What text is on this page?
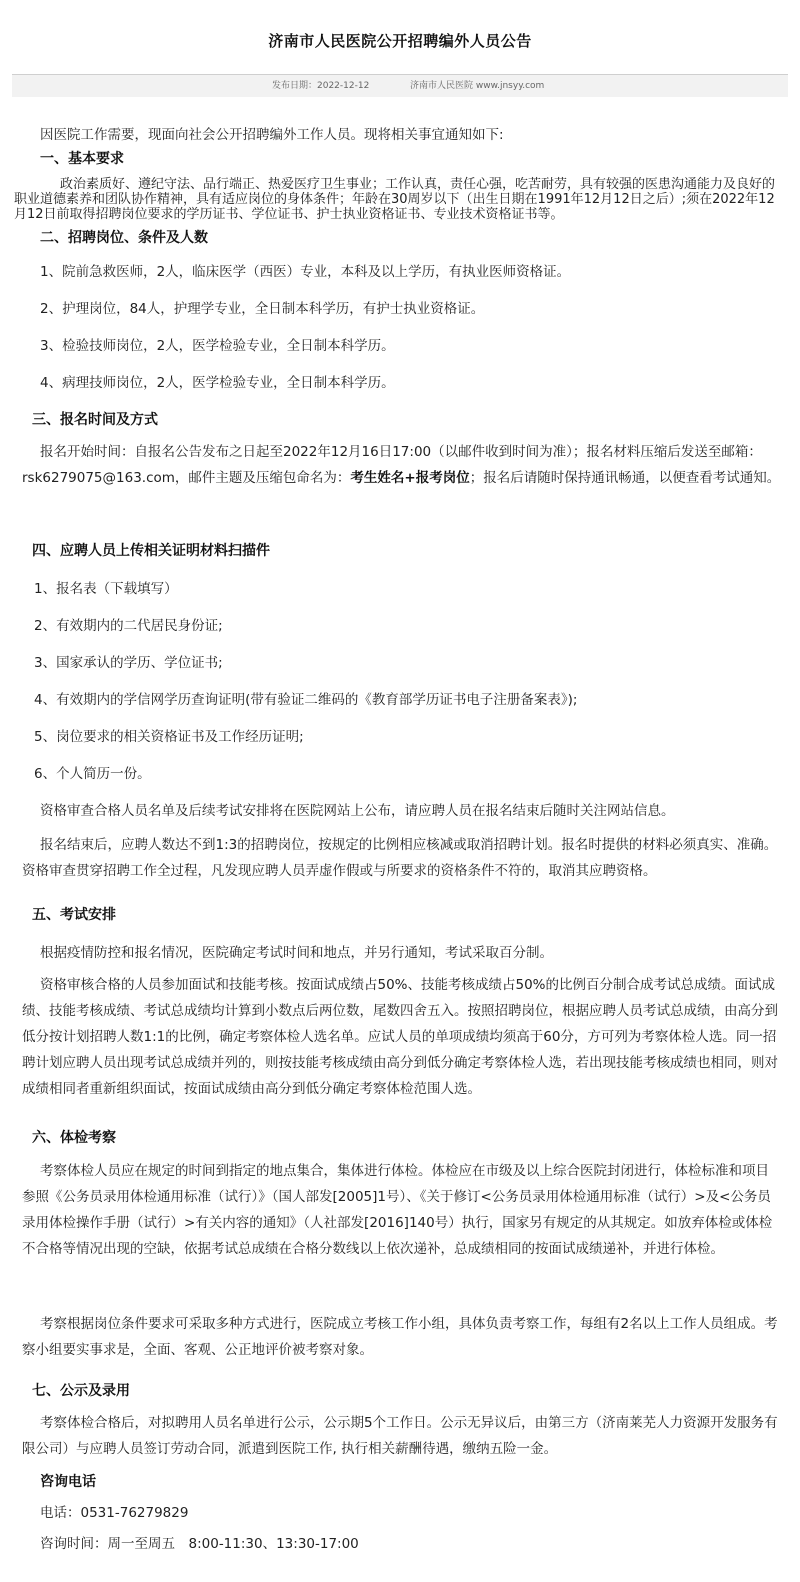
济南市人民医院公开招聘编外人员公告
发布日期：2022-12-12	济南市人民医院 www.jnsyy.com
因医院工作需要，现面向社会公开招聘编外工作人员。现将相关事宜通知如下:
一、基本要求
政治素质好、遵纪守法、品行端正、热爱医疗卫生事业；工作认真，责任心强，吃苦耐劳，具有较强的医患沟通能力及良好的职业道德素养和团队协作精神，具有适应岗位的身体条件；年龄在30周岁以下（出生日期在1991年12月12日之后）;须在2022年12月12日前取得招聘岗位要求的学历证书、学位证书、护士执业资格证书、专业技术资格证书等。
二、招聘岗位、条件及人数
1、院前急救医师，2人，临床医学（西医）专业，本科及以上学历，有执业医师资格证。
2、护理岗位，84人，护理学专业，全日制本科学历，有护士执业资格证。
3、检验技师岗位，2人，医学检验专业，全日制本科学历。
4、病理技师岗位，2人，医学检验专业，全日制本科学历。
三、报名时间及方式
报名开始时间：自报名公告发布之日起至2022年12月16日17:00（以邮件收到时间为准）；报名材料压缩后发送至邮箱：rsk6279075@163.com，邮件主题及压缩包命名为：考生姓名+报考岗位；报名后请随时保持通讯畅通，以便查看考试通知。
四、应聘人员上传相关证明材料扫描件
1、报名表（下载填写）
2、有效期内的二代居民身份证;
3、国家承认的学历、学位证书;
4、有效期内的学信网学历查询证明(带有验证二维码的《教育部学历证书电子注册备案表》);
5、岗位要求的相关资格证书及工作经历证明;
6、个人简历一份。
资格审查合格人员名单及后续考试安排将在医院网站上公布，请应聘人员在报名结束后随时关注网站信息。
报名结束后，应聘人数达不到1:3的招聘岗位，按规定的比例相应核减或取消招聘计划。报名时提供的材料必须真实、准确。资格审查贯穿招聘工作全过程，凡发现应聘人员弄虚作假或与所要求的资格条件不符的，取消其应聘资格。
五、考试安排
根据疫情防控和报名情况，医院确定考试时间和地点，并另行通知，考试采取百分制。
资格审核合格的人员参加面试和技能考核。按面试成绩占50%、技能考核成绩占50%的比例百分制合成考试总成绩。面试成绩、技能考核成绩、考试总成绩均计算到小数点后两位数，尾数四舍五入。按照招聘岗位，根据应聘人员考试总成绩，由高分到低分按计划招聘人数1:1的比例，确定考察体检人选名单。应试人员的单项成绩均须高于60分，方可列为考察体检人选。同一招聘计划应聘人员出现考试总成绩并列的，则按技能考核成绩由高分到低分确定考察体检人选，若出现技能考核成绩也相同，则对成绩相同者重新组织面试，按面试成绩由高分到低分确定考察体检范围人选。
六、体检考察
考察体检人员应在规定的时间到指定的地点集合，集体进行体检。体检应在市级及以上综合医院封闭进行，体检标准和项目参照《公务员录用体检通用标准（试行）》（国人部发[2005]1号）、《关于修订<公务员录用体检通用标准（试行）>及<公务员录用体检操作手册（试行）>有关内容的通知》（人社部发[2016]140号）执行，国家另有规定的从其规定。如放弃体检或体检不合格等情况出现的空缺，依据考试总成绩在合格分数线以上依次递补，总成绩相同的按面试成绩递补，并进行体检。
考察根据岗位条件要求可采取多种方式进行，医院成立考核工作小组，具体负责考察工作，每组有2名以上工作人员组成。考察小组要实事求是，全面、客观、公正地评价被考察对象。
七、公示及录用
考察体检合格后，对拟聘用人员名单进行公示，公示期5个工作日。公示无异议后，由第三方（济南莱芜人力资源开发服务有限公司）与应聘人员签订劳动合同，派遣到医院工作, 执行相关薪酬待遇，缴纳五险一金。
咨询电话
电话：0531-76279829
咨询时间：周一至周五　8:00-11:30、13:30-17:00
